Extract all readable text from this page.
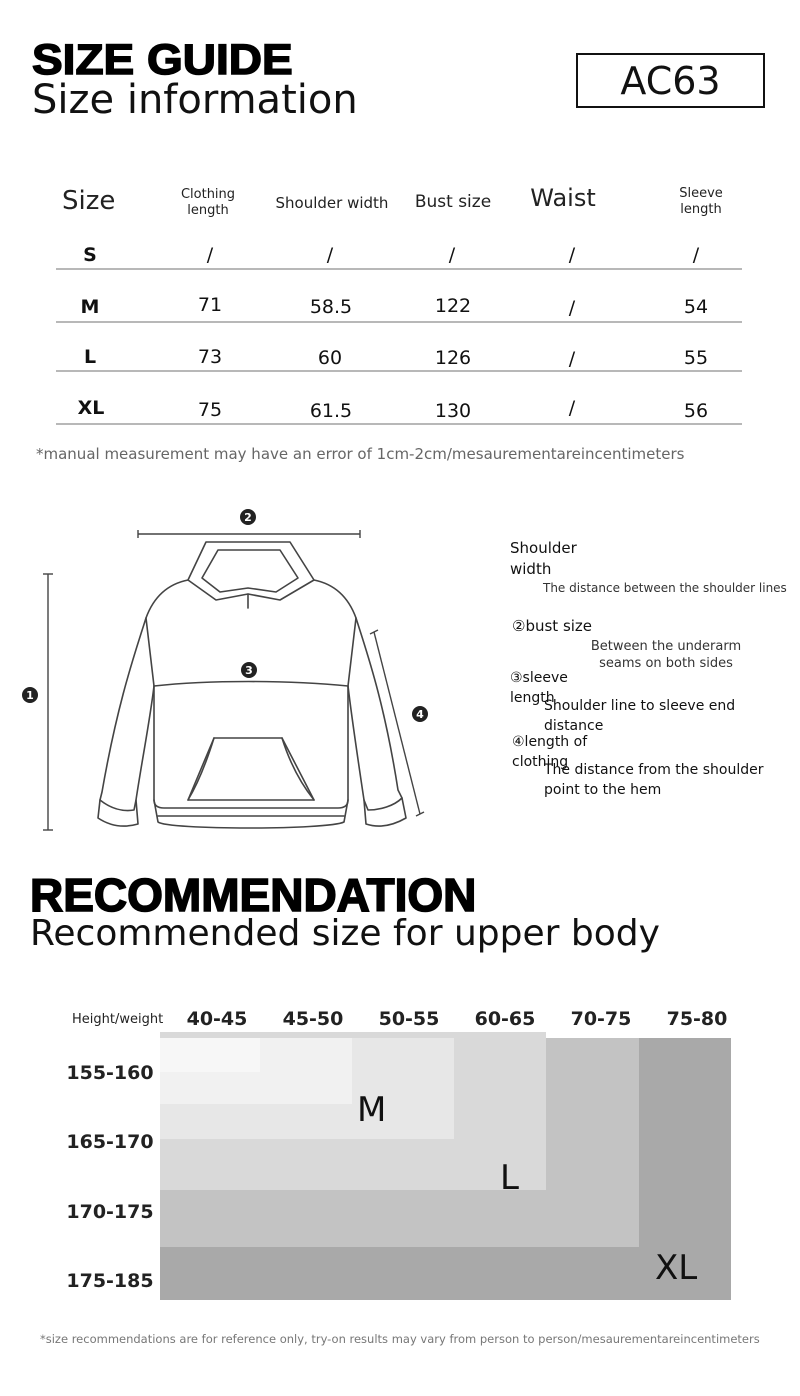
SIZE GUIDE
Size information	AC63
Size	Clothing length	Shoulder width	Bust size	Waist	Sleeve length
S	/	/	/	/	/
M	71	58.5	122	/	54
L	73	60	126	/	55
XL	75	61.5	130	/	56
*manual measurement may have an error of 1cm-2cm/mesaurementareincentimeters
1
2
3
4
Shoulder width
The distance between the shoulder lines
②bust size
Between the underarm seams on both sides
③sleeve length
Shoulder line to sleeve end distance
④length of clothing
The distance from the shoulder point to the hem
RECOMMENDATION
Recommended size for upper body
Height/weight	40-45	45-50	50-55	60-65	70-75	75-80
155-160
165-170
170-175
175-185
M
L
XL
*size recommendations are for reference only, try-on results may vary from person to person/mesaurementareincentimeters
